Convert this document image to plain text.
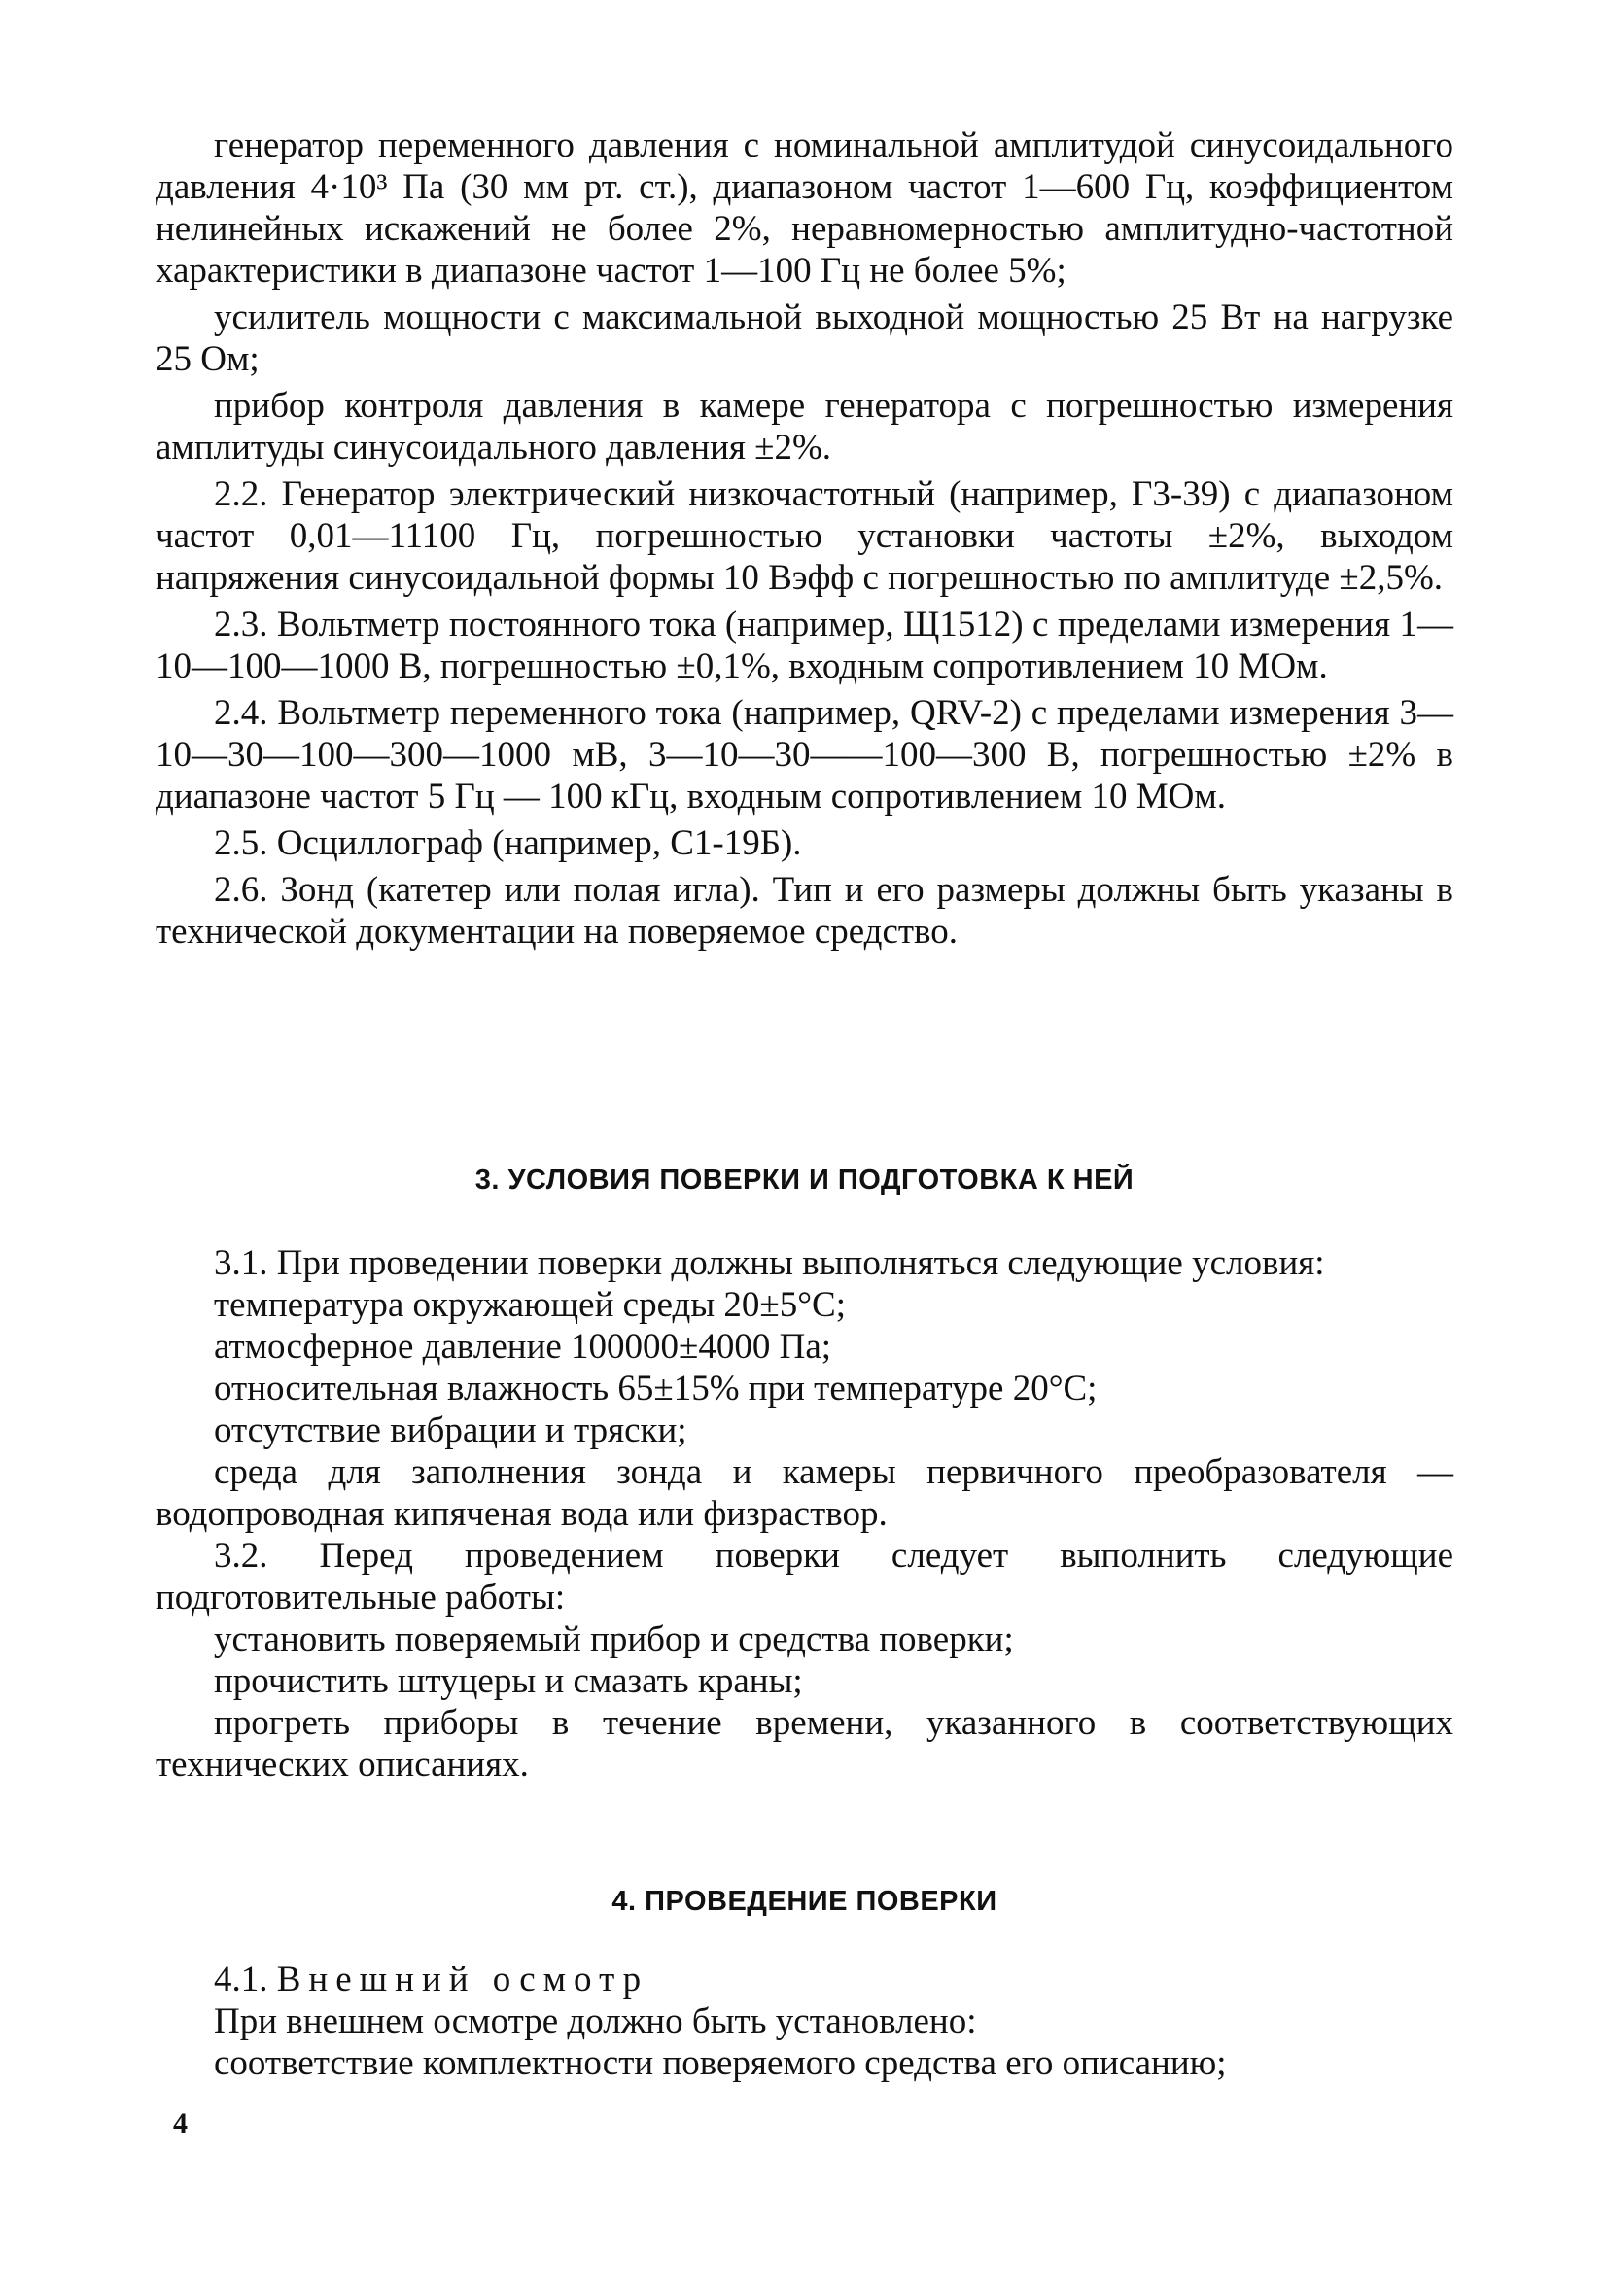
генератор переменного давления с номинальной амплитудой синусоидального давления 4·10³ Па (30 мм рт. ст.), диапазоном частот 1—600 Гц, коэффициентом нелинейных искажений не более 2%, неравномерностью амплитудно-частотной характеристики в диапазоне частот 1—100 Гц не более 5%;

усилитель мощности с максимальной выходной мощностью 25 Вт на нагрузке 25 Ом;

прибор контроля давления в камере генератора с погрешностью измерения амплитуды синусоидального давления ±2%.

2.2. Генератор электрический низкочастотный (например, Г3-39) с диапазоном частот 0,01—11100 Гц, погрешностью установки частоты ±2%, выходом напряжения синусоидальной формы 10 Вэфф с погрешностью по амплитуде ±2,5%.

2.3. Вольтметр постоянного тока (например, Щ1512) с пределами измерения 1—10—100—1000 В, погрешностью ±0,1%, входным сопротивлением 10 МОм.

2.4. Вольтметр переменного тока (например, QRV-2) с пределами измерения 3—10—30—100—300—1000 мВ, 3—10—30——100—300 В, погрешностью ±2% в диапазоне частот 5 Гц — 100 кГц, входным сопротивлением 10 МОм.

2.5. Осциллограф (например, С1-19Б).

2.6. Зонд (катетер или полая игла). Тип и его размеры должны быть указаны в технической документации на поверяемое средство.

3. УСЛОВИЯ ПОВЕРКИ И ПОДГОТОВКА К НЕЙ

3.1. При проведении поверки должны выполняться следующие условия:

температура окружающей среды 20±5°С;

атмосферное давление 100000±4000 Па;

относительная влажность 65±15% при температуре 20°С;

отсутствие вибрации и тряски;

среда для заполнения зонда и камеры первичного преобразователя — водопроводная кипяченая вода или физраствор.

3.2. Перед проведением поверки следует выполнить следующие подготовительные работы:

установить поверяемый прибор и средства поверки;

прочистить штуцеры и смазать краны;

прогреть приборы в течение времени, указанного в соответствующих технических описаниях.

4. ПРОВЕДЕНИЕ ПОВЕРКИ

4.1. Внешний осмотр

При внешнем осмотре должно быть установлено:

соответствие комплектности поверяемого средства его описанию;

4
